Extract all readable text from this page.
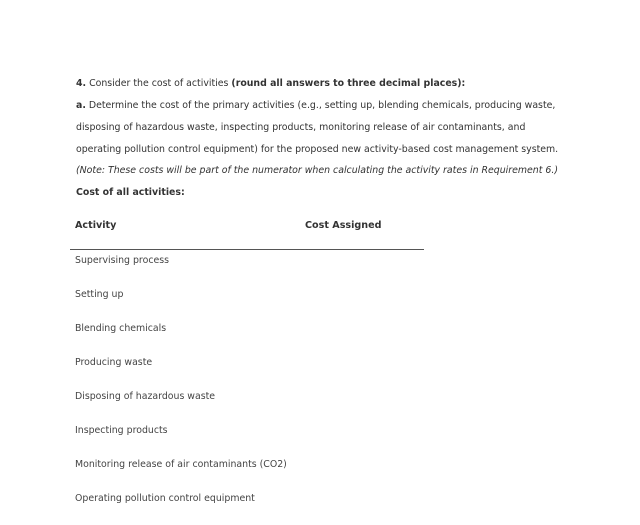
4. Consider the cost of activities (round all answers to three decimal places):
a. Determine the cost of the primary activities (e.g., setting up, blending chemicals, producing waste,
disposing of hazardous waste, inspecting products, monitoring release of air contaminants, and
operating pollution control equipment) for the proposed new activity-based cost management system.
(Note: These costs will be part of the numerator when calculating the activity rates in Requirement 6.)
Cost of all activities:
Activity	Cost Assigned
Supervising process
Setting up
Blending chemicals
Producing waste
Disposing of hazardous waste
Inspecting products
Monitoring release of air contaminants (CO2)
Operating pollution control equipment
